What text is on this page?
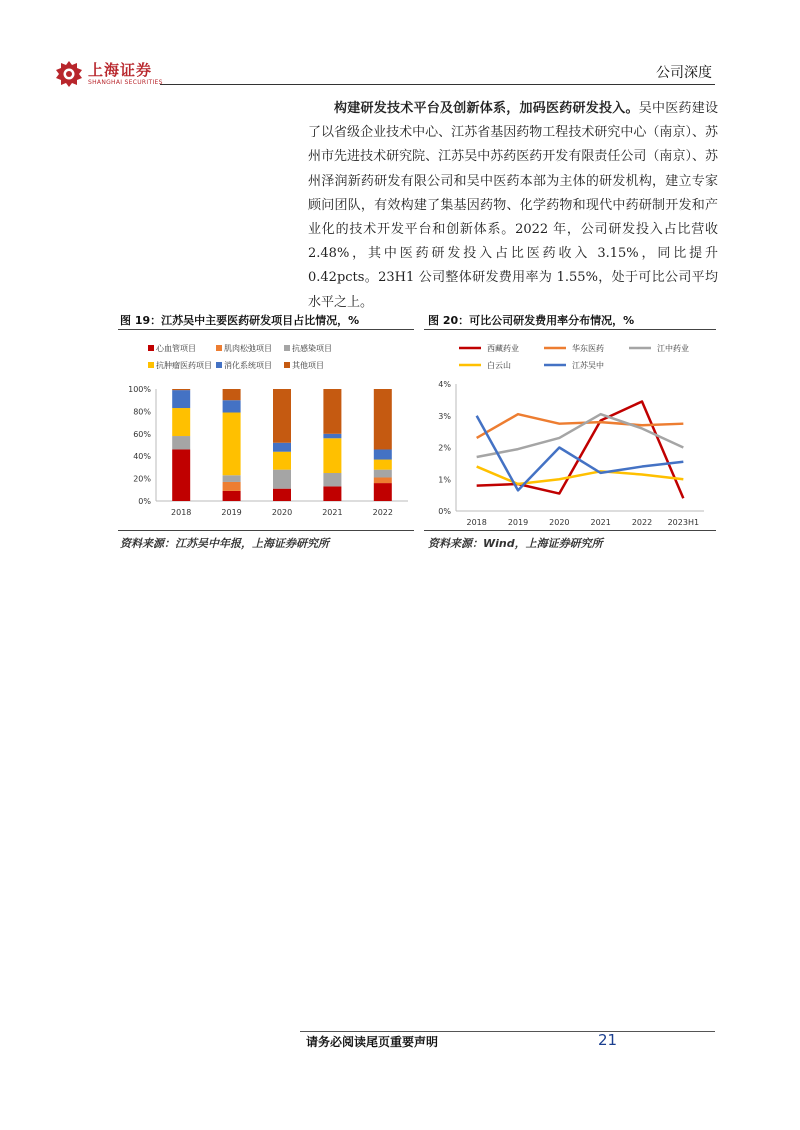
上海证券
SHANGHAI SECURITIES
公司深度

构建研发技术平台及创新体系，加码医药研发投入。吴中医药建设了以省级企业技术中心、江苏省基因药物工程技术研究中心（南京）、苏州市先进技术研究院、江苏吴中苏药医药开发有限责任公司（南京）、苏州泽润新药研发有限公司和吴中医药本部为主体的研发机构，建立专家顾问团队，有效构建了集基因药物、化学药物和现代中药研制开发和产业化的技术开发平台和创新体系。2022 年，公司研发投入占比营收 2.48%，其中医药研发投入占比医药收入 3.15%，同比提升 0.42pcts。23H1 公司整体研发费用率为 1.55%，处于可比公司平均水平之上。

图 19：江苏吴中主要医药研发项目占比情况，%
心血管项目	肌肉松弛项目	抗感染项目
抗肿瘤医药项目 消化系统项目	其他项目
0%
20%
40%
60%
80%
100%
2018	2019	2020	2021	2022
资料来源：江苏吴中年报，上海证券研究所
图 20：可比公司研发费用率分布情况，%
西藏药业	华东医药	江中药业
白云山	江苏吴中
0%
1%
2%
3%
4%
2018	2019	2020	2021	2022 2023H1
资料来源：Wind，上海证券研究所
请务必阅读尾页重要声明	21
